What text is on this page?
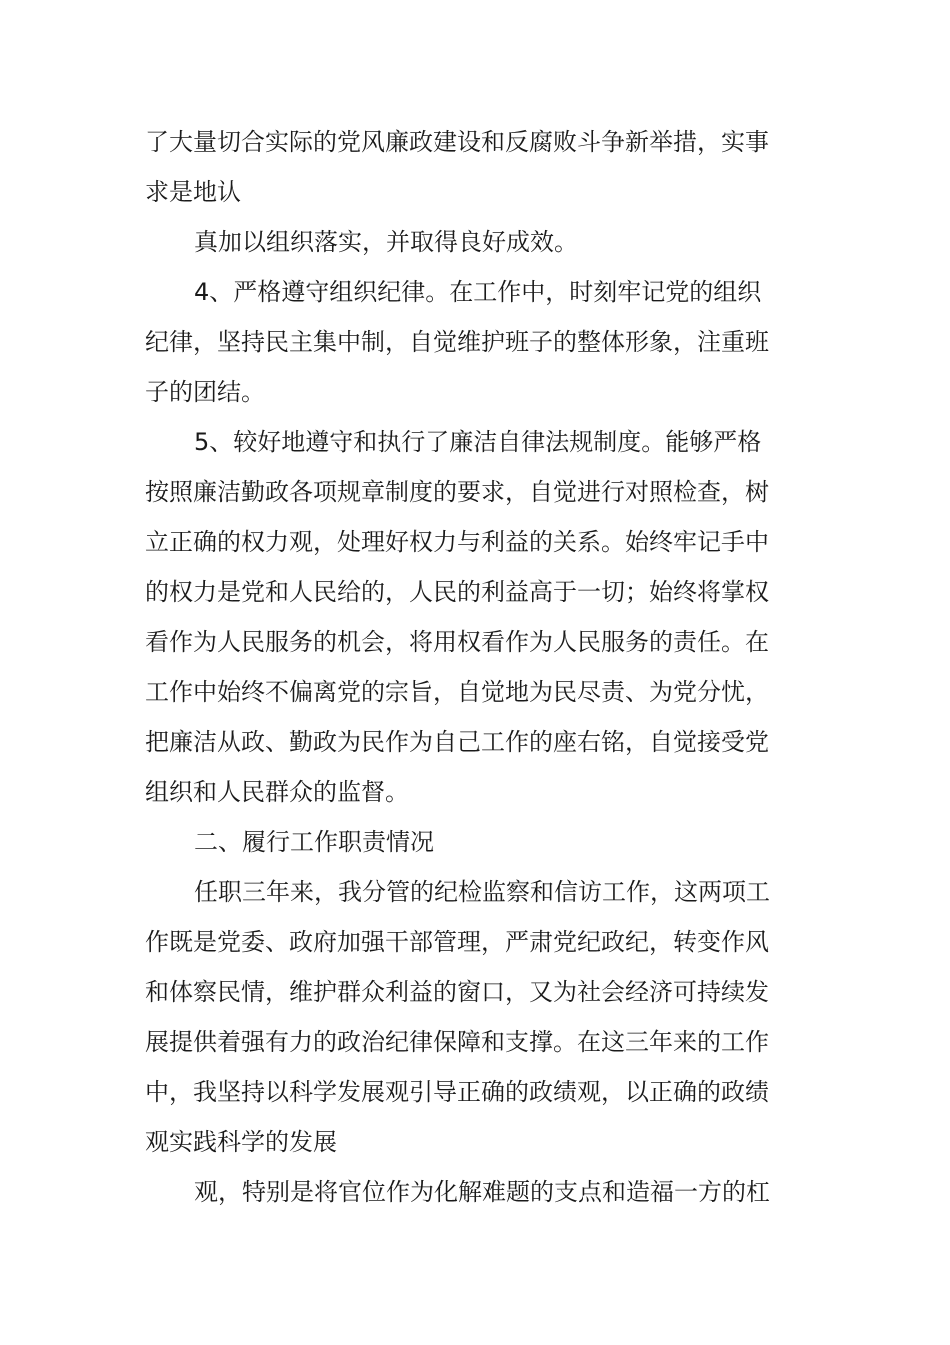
了大量切合实际的党风廉政建设和反腐败斗争新举措，实事
求是地认
真加以组织落实，并取得良好成效。
4、严格遵守组织纪律。在工作中，时刻牢记党的组织
纪律，坚持民主集中制，自觉维护班子的整体形象，注重班
子的团结。
5、较好地遵守和执行了廉洁自律法规制度。能够严格
按照廉洁勤政各项规章制度的要求，自觉进行对照检查，树
立正确的权力观，处理好权力与利益的关系。始终牢记手中
的权力是党和人民给的，人民的利益高于一切；始终将掌权
看作为人民服务的机会，将用权看作为人民服务的责任。在
工作中始终不偏离党的宗旨，自觉地为民尽责、为党分忧，
把廉洁从政、勤政为民作为自己工作的座右铭，自觉接受党
组织和人民群众的监督。
二、履行工作职责情况
任职三年来，我分管的纪检监察和信访工作，这两项工
作既是党委、政府加强干部管理，严肃党纪政纪，转变作风
和体察民情，维护群众利益的窗口，又为社会经济可持续发
展提供着强有力的政治纪律保障和支撑。在这三年来的工作
中，我坚持以科学发展观引导正确的政绩观，以正确的政绩
观实践科学的发展
观，特别是将官位作为化解难题的支点和造福一方的杠
